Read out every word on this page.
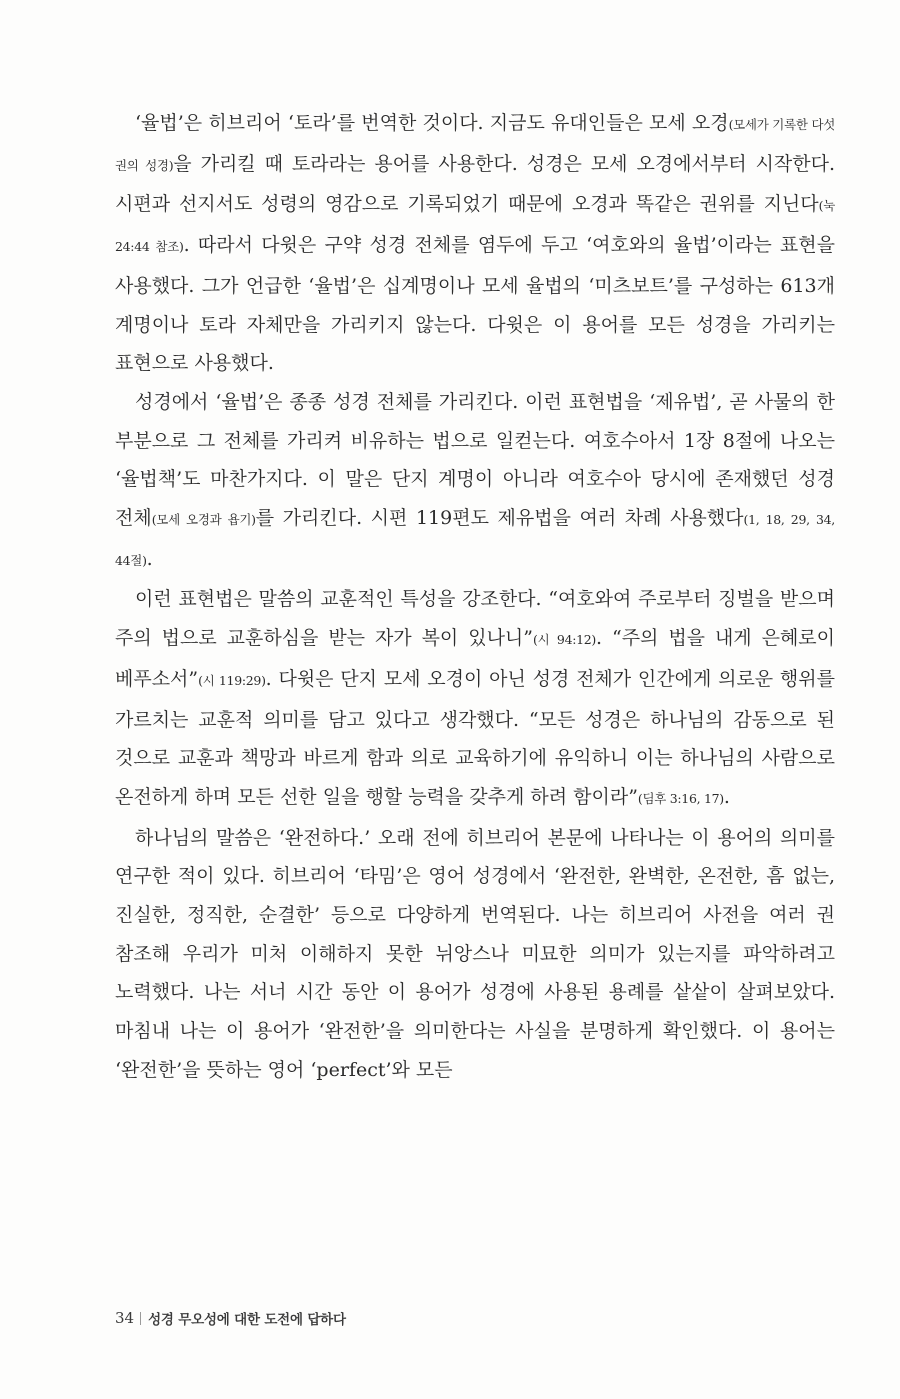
‘율법’은 히브리어 ‘토라’를 번역한 것이다. 지금도 유대인들은 모세 오경(모세가 기록한 다섯 권의 성경)을 가리킬 때 토라라는 용어를 사용한다. 성경은 모세 오경에서부터 시작한다. 시편과 선지서도 성령의 영감으로 기록되었기 때문에 오경과 똑같은 권위를 지닌다(눅 24:44 참조). 따라서 다윗은 구약 성경 전체를 염두에 두고 ‘여호와의 율법’이라는 표현을 사용했다. 그가 언급한 ‘율법’은 십계명이나 모세 율법의 ‘미츠보트’를 구성하는 613개 계명이나 토라 자체만을 가리키지 않는다. 다윗은 이 용어를 모든 성경을 가리키는 표현으로 사용했다.

성경에서 ‘율법’은 종종 성경 전체를 가리킨다. 이런 표현법을 ‘제유법’, 곧 사물의 한 부분으로 그 전체를 가리켜 비유하는 법으로 일컫는다. 여호수아서 1장 8절에 나오는 ‘율법책’도 마찬가지다. 이 말은 단지 계명이 아니라 여호수아 당시에 존재했던 성경 전체(모세 오경과 욥기)를 가리킨다. 시편 119편도 제유법을 여러 차례 사용했다(1, 18, 29, 34, 44절).

이런 표현법은 말씀의 교훈적인 특성을 강조한다. “여호와여 주로부터 징벌을 받으며 주의 법으로 교훈하심을 받는 자가 복이 있나니”(시 94:12). “주의 법을 내게 은혜로이 베푸소서”(시 119:29). 다윗은 단지 모세 오경이 아닌 성경 전체가 인간에게 의로운 행위를 가르치는 교훈적 의미를 담고 있다고 생각했다. “모든 성경은 하나님의 감동으로 된 것으로 교훈과 책망과 바르게 함과 의로 교육하기에 유익하니 이는 하나님의 사람으로 온전하게 하며 모든 선한 일을 행할 능력을 갖추게 하려 함이라”(딤후 3:16, 17).

하나님의 말씀은 ‘완전하다.’ 오래 전에 히브리어 본문에 나타나는 이 용어의 의미를 연구한 적이 있다. 히브리어 ‘타밈’은 영어 성경에서 ‘완전한, 완벽한, 온전한, 흠 없는, 진실한, 정직한, 순결한’ 등으로 다양하게 번역된다. 나는 히브리어 사전을 여러 권 참조해 우리가 미처 이해하지 못한 뉘앙스나 미묘한 의미가 있는지를 파악하려고 노력했다. 나는 서너 시간 동안 이 용어가 성경에 사용된 용례를 샅샅이 살펴보았다. 마침내 나는 이 용어가 ‘완전한’을 의미한다는 사실을 분명하게 확인했다. 이 용어는 ‘완전한’을 뜻하는 영어 ‘perfect’와 모든

34 성경 무오성에 대한 도전에 답하다
